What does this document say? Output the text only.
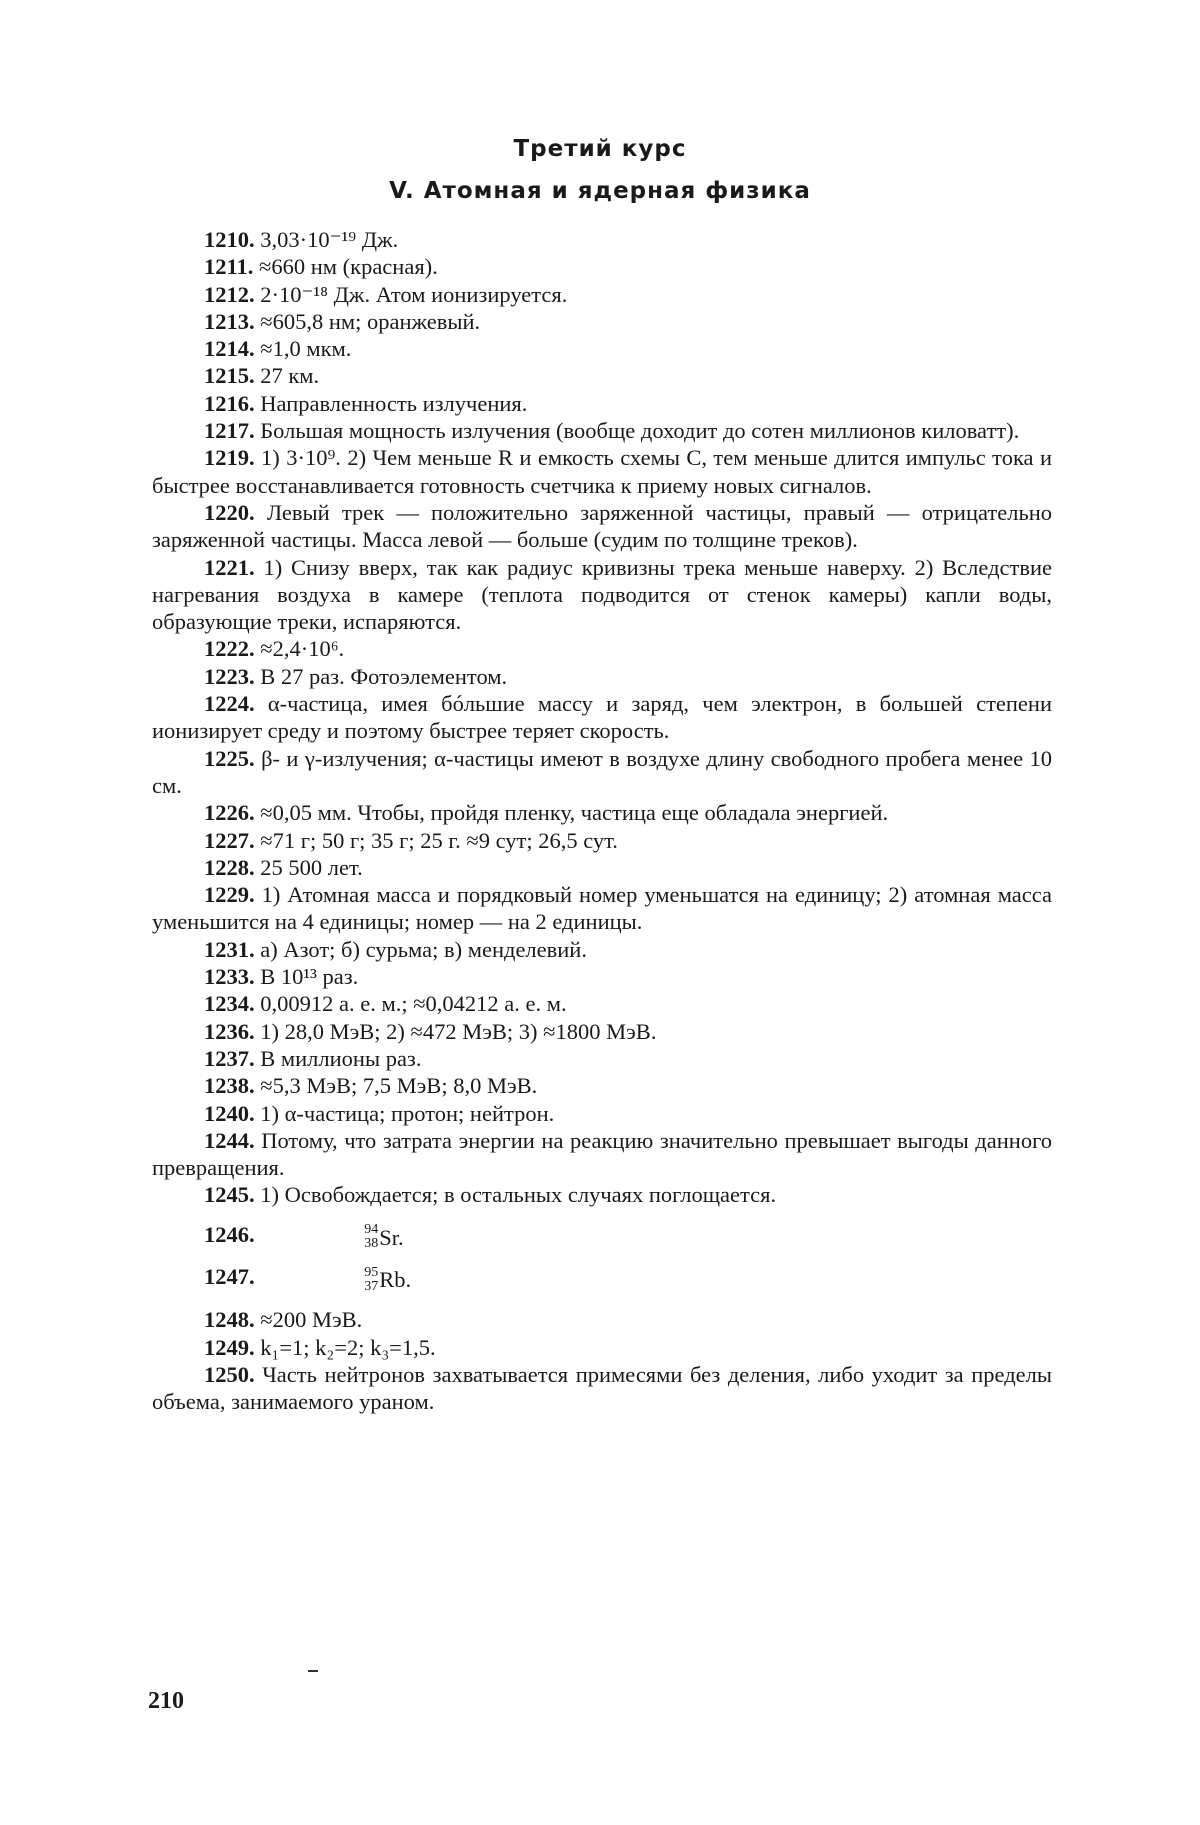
Третий курс
V. Атомная и ядерная физика

1210. 3,03·10⁻¹⁹ Дж.

1211. ≈660 нм (красная).

1212. 2·10⁻¹⁸ Дж. Атом ионизируется.

1213. ≈605,8 нм; оранжевый.

1214. ≈1,0 мкм.

1215. 27 км.

1216. Направленность излучения.

1217. Большая мощность излучения (вообще доходит до сотен миллионов киловатт).

1219. 1) 3·10⁹. 2) Чем меньше R и емкость схемы C, тем меньше длится импульс тока и быстрее восстанавливается готовность счетчика к приему новых сигналов.

1220. Левый трек — положительно заряженной частицы, правый — отрицательно заряженной частицы. Масса левой — больше (судим по толщине треков).

1221. 1) Снизу вверх, так как радиус кривизны трека меньше наверху. 2) Вследствие нагревания воздуха в камере (теплота подводится от стенок камеры) капли воды, образующие треки, испаряются.

1222. ≈2,4·10⁶.

1223. В 27 раз. Фотоэлементом.

1224. α-частица, имея бóльшие массу и заряд, чем электрон, в большей степени ионизирует среду и поэтому быстрее теряет скорость.

1225. β- и γ-излучения; α-частицы имеют в воздухе длину свободного пробега менее 10 см.

1226. ≈0,05 мм. Чтобы, пройдя пленку, частица еще обладала энергией.

1227. ≈71 г; 50 г; 35 г; 25 г. ≈9 сут; 26,5 сут.

1228. 25 500 лет.

1229. 1) Атомная масса и порядковый номер уменьшатся на единицу; 2) атомная масса уменьшится на 4 единицы; номер — на 2 единицы.

1231. а) Азот; б) сурьма; в) менделевий.

1233. В 10¹³ раз.

1234. 0,00912 а. е. м.; ≈0,04212 а. е. м.

1236. 1) 28,0 МэВ; 2) ≈472 МэВ; 3) ≈1800 МэВ.

1237. В миллионы раз.

1238. ≈5,3 МэВ; 7,5 МэВ; 8,0 МэВ.

1240. 1) α-частица; протон; нейтрон.

1244. Потому, что затрата энергии на реакцию значительно превышает выгоды данного превращения.

1245. 1) Освобождается; в остальных случаях поглощается.

1246.	94
38 Sr.

1247.	95
37 Rb.

1248. ≈200 МэВ.

1249. k₁=1; k₂=2; k₃=1,5.

1250. Часть нейтронов захватывается примесями без деления, либо уходит за пределы объема, занимаемого ураном.

210
